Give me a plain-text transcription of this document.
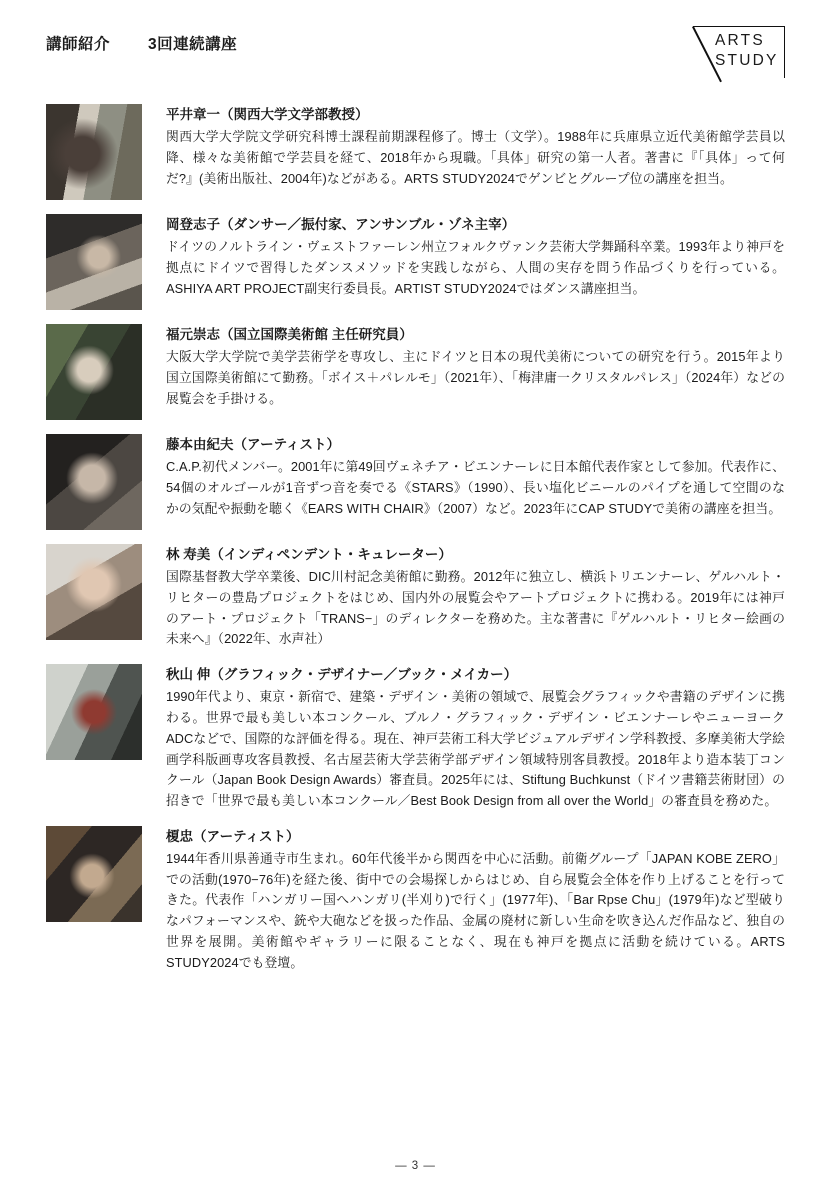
講師紹介 3回連続講座	ARTS
STUDY
平井章一（関西大学文学部教授）
関西大学大学院文学研究科博士課程前期課程修了。博士（文学）。1988年に兵庫県立近代美術館学芸員以降、様々な美術館で学芸員を経て、2018年から現職。「具体」研究の第一人者。著書に『「具体」って何だ?』(美術出版社、2004年)などがある。ARTS STUDY2024でゲンビとグループ位の講座を担当。
岡登志子（ダンサー／振付家、アンサンブル・ゾネ主宰）
ドイツのノルトライン・ヴェストファーレン州立フォルクヴァンク芸術大学舞踊科卒業。1993年より神戸を拠点にドイツで習得したダンスメソッドを実践しながら、人間の実存を問う作品づくりを行っている。ASHIYA ART PROJECT副実行委員長。ARTIST STUDY2024ではダンス講座担当。
福元崇志（国立国際美術館 主任研究員）
大阪大学大学院で美学芸術学を専攻し、主にドイツと日本の現代美術についての研究を行う。2015年より国立国際美術館にて勤務。「ボイス＋パレルモ」（2021年）、「梅津庸一クリスタルパレス」（2024年）などの展覧会を手掛ける。
藤本由紀夫（アーティスト）
C.A.P.初代メンバー。2001年に第49回ヴェネチア・ビエンナーレに日本館代表作家として参加。代表作に、54個のオルゴールが1音ずつ音を奏でる《STARS》（1990）、長い塩化ビニールのパイプを通して空間のなかの気配や振動を聴く《EARS WITH CHAIR》（2007）など。2023年にCAP STUDYで美術の講座を担当。
林 寿美（インディペンデント・キュレーター）
国際基督教大学卒業後、DIC川村記念美術館に勤務。2012年に独立し、横浜トリエンナーレ、ゲルハルト・リヒターの豊島プロジェクトをはじめ、国内外の展覧会やアートプロジェクトに携わる。2019年には神戸のアート・プロジェクト「TRANS−」のディレクターを務めた。主な著書に『ゲルハルト・リヒター絵画の未来へ』（2022年、水声社）
秋山 伸（グラフィック・デザイナー／ブック・メイカー）
1990年代より、東京・新宿で、建築・デザイン・美術の領域で、展覧会グラフィックや書籍のデザインに携わる。世界で最も美しい本コンクール、ブルノ・グラフィック・デザイン・ビエンナーレやニューヨークADCなどで、国際的な評価を得る。現在、神戸芸術工科大学ビジュアルデザイン学科教授、多摩美術大学絵画学科版画専攻客員教授、名古屋芸術大学芸術学部デザイン領域特別客員教授。2018年より造本装丁コンクール（Japan Book Design Awards）審査員。2025年には、Stiftung Buchkunst（ドイツ書籍芸術財団）の招きで「世界で最も美しい本コンクール／Best Book Design from all over the World」の審査員を務めた。
榎忠（アーティスト）
1944年香川県善通寺市生まれ。60年代後半から関西を中心に活動。前衛グループ「JAPAN KOBE ZERO」での活動(1970−76年)を経た後、街中での会場探しからはじめ、自ら展覧会全体を作り上げることを行ってきた。代表作「ハンガリー国へハンガリ(半刈り)で行く」(1977年)、「Bar Rpse Chu」(1979年)など型破りなパフォーマンスや、銃や大砲などを扱った作品、金属の廃材に新しい生命を吹き込んだ作品など、独自の世界を展開。美術館やギャラリーに限ることなく、現在も神戸を拠点に活動を続けている。ARTS STUDY2024でも登壇。
— 3 —
